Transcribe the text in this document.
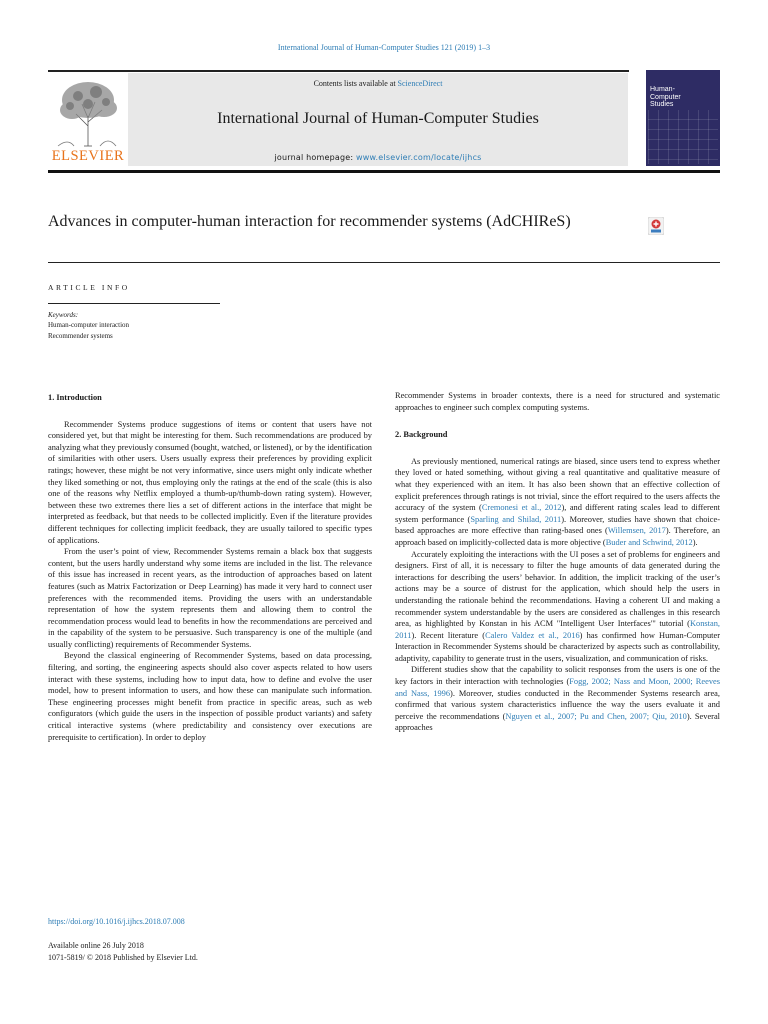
International Journal of Human-Computer Studies 121 (2019) 1–3
ELSEVIER
Contents lists available at ScienceDirect
International Journal of Human-Computer Studies
journal homepage: www.elsevier.com/locate/ijhcs
Human-
Computer
Studies
Advances in computer-human interaction for recommender systems (AdCHIReS)
ARTICLE INFO
Keywords:
Human-computer interaction
Recommender systems
1. Introduction

Recommender Systems produce suggestions of items or content that users have not considered yet, but that might be interesting for them. Such recommendations are produced by analyzing what they previously consumed (bought, watched, or listened), or by the identification of similarities with other users. Users usually express their preferences by providing explicit ratings; however, these might be not very informative, since users might only indicate whether they liked something or not, thus employing only the ratings at the end of the scale (this is also one of the reasons why Netflix employed a thumb-up/thumb-down rating system). However, between these two extremes there lies a set of different actions in the interface that might be interpreted as feedback, but that needs to be collected implicitly. Even if the literature provides different techniques for collecting implicit feedback, they are usually tailored to specific types of applications.

From the user’s point of view, Recommender Systems remain a black box that suggests content, but the users hardly understand why some items are included in the list. The relevance of this issue has increased in recent years, as the introduction of approaches based on latent features (such as Matrix Factorization or Deep Learning) has made it very hard to connect user preferences with the recommended items. Providing the users with an understandable representation of how the system represents them and allowing them to control the recommendation process would lead to benefits in how the recommendations are perceived and in the capability of the system to be persuasive. Such transparency is one of the multiple (and usually conflicting) requirements of Recommender Systems.

Beyond the classical engineering of Recommender Systems, based on data processing, filtering, and sorting, the engineering aspects should also cover aspects related to how users interact with these systems, including how to input data, how to define and evolve the user model, how to present information to users, and how these can manipulate such information. These engineering processes might benefit from practice in specific areas, such as web configurators (which guide the users in the inspection of possible product variants) and safety critical interactive systems (where predictability and consistency over executions are prerequisite to certification). In order to deploy

Recommender Systems in broader contexts, there is a need for structured and systematic approaches to engineer such complex computing systems.

2. Background

As previously mentioned, numerical ratings are biased, since users tend to express whether they loved or hated something, without giving a real quantitative and qualitative measure of what they experienced with an item. It has also been shown that an effective collection of explicit preferences through ratings is not trivial, since the effort required to the users affects the accuracy of the system (Cremonesi et al., 2012), and different rating scales lead to different system performance (Sparling and Shilad, 2011). Moreover, studies have shown that choice-based approaches are more effective than rating-based ones (Willemsen, 2017). Therefore, an approach based on implicitly-collected data is more objective (Buder and Schwind, 2012).

Accurately exploiting the interactions with the UI poses a set of problems for engineers and designers. First of all, it is necessary to filter the huge amounts of data generated during the interactions for describing the users’ behavior. In addition, the implicit tracking of the user’s actions may be a source of distrust for the application, which should help the users in understanding the rationale behind the recommendations. Having a coherent UI and making a recommender system understandable by the users are considered as challenges in this research area, as highlighted by Konstan in his ACM "Intelligent User Interfaces"' tutorial (Konstan, 2011). Recent literature (Calero Valdez et al., 2016) has confirmed how Human-Computer Interaction in Recommender Systems should be characterized by aspects such as controllability, adaptivity, capability to generate trust in the users, visualization, and communication of risks.

Different studies show that the capability to solicit responses from the users is one of the key factors in their interaction with technologies (Fogg, 2002; Nass and Moon, 2000; Reeves and Nass, 1996). Moreover, studies conducted in the Recommender Systems research area, confirmed that various system characteristics influence the way the users evaluate it and perceive the recommendations (Nguyen et al., 2007; Pu and Chen, 2007; Qiu, 2010). Several approaches

https://doi.org/10.1016/j.ijhcs.2018.07.008
Available online 26 July 2018
1071-5819/ © 2018 Published by Elsevier Ltd.
